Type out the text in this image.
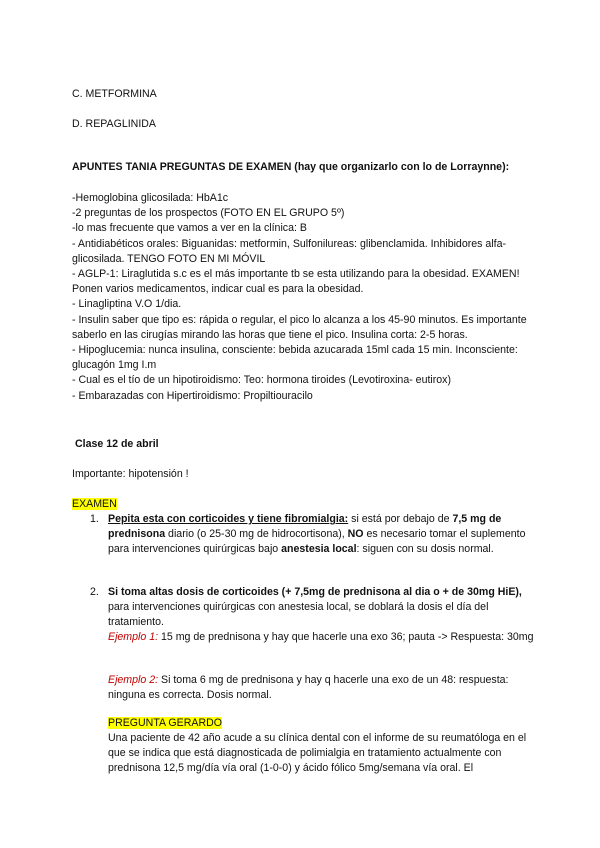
C. METFORMINA

D. REPAGLINIDA

APUNTES TANIA PREGUNTAS DE EXAMEN (hay que organizarlo con lo de Lorraynne):

-Hemoglobina glicosilada: HbA1c
-2 preguntas de los prospectos (FOTO EN EL GRUPO 5º)
-lo mas frecuente que vamos a ver en la clínica: B
- Antidiabéticos orales: Biguanidas: metformin, Sulfonilureas: glibenclamida. Inhibidores alfa-glicosilada. TENGO FOTO EN MI MÓVIL
- AGLP-1: Liraglutida s.c es el más importante tb se esta utilizando para la obesidad. EXAMEN! Ponen varios medicamentos, indicar cual es para la obesidad.
- Linagliptina V.O 1/dia.
- Insulin saber que tipo es: rápida o regular, el pico lo alcanza a los 45-90 minutos. Es importante saberlo en las cirugías mirando las horas que tiene el pico. Insulina corta: 2-5 horas.
- Hipoglucemia: nunca insulina, consciente: bebida azucarada 15ml cada 15 min. Inconsciente: glucagón 1mg I.m
- Cual es el tío de un hipotiroidismo: Teo: hormona tiroides (Levotiroxina- eutirox)
- Embarazadas con Hipertiroidismo: Propiltiouracilo

Clase 12 de abril

Importante: hipotensión !

EXAMEN

1. Pepita esta con corticoides y tiene fibromialgia: si está por debajo de 7,5 mg de prednisona diario (o 25-30 mg de hidrocortisona), NO es necesario tomar el suplemento para intervenciones quirúrgicas bajo anestesia local: siguen con su dosis normal.

2. Si toma altas dosis de corticoides (+ 7,5mg de prednisona al dia o + de 30mg HiE), para intervenciones quirúrgicas con anestesia local, se doblará la dosis el día del tratamiento.

Ejemplo 1: 15 mg de prednisona y hay que hacerle una exo 36; pauta -> Respuesta: 30mg

Ejemplo 2: Si toma 6 mg de prednisona y hay q hacerle una exo de un 48: respuesta: ninguna es correcta. Dosis normal.

PREGUNTA GERARDO

Una paciente de 42 año acude a su clínica dental con el informe de su reumatóloga en el que se indica que está diagnosticada de polimialgia en tratamiento actualmente con prednisona 12,5 mg/día vía oral (1-0-0) y ácido fólico 5mg/semana vía oral. El
